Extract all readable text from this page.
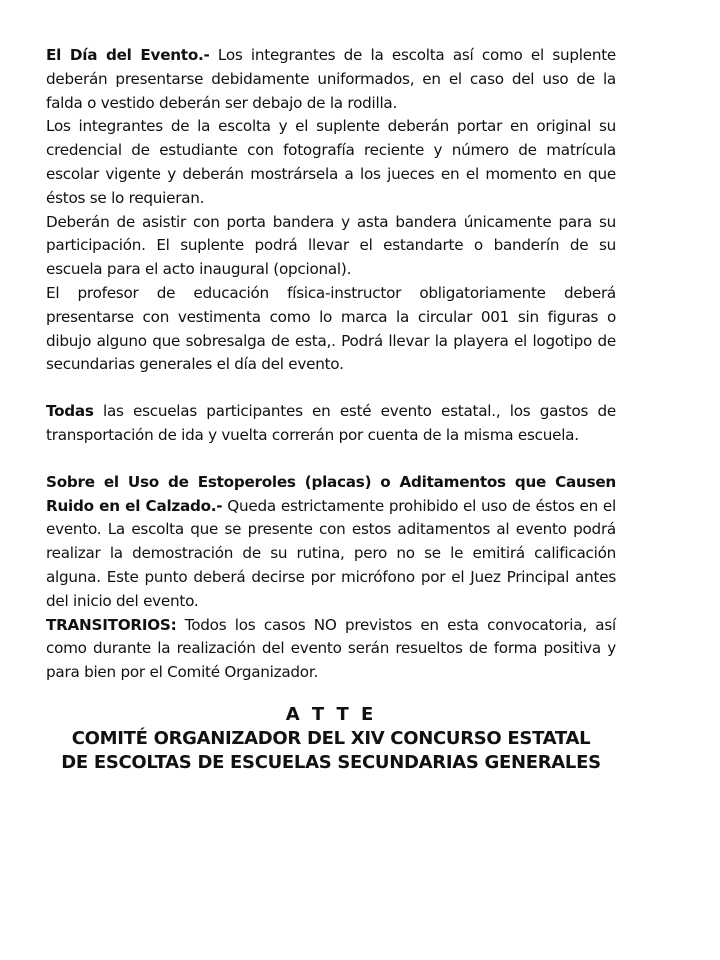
El Día del Evento.- Los integrantes de la escolta así como el suplente deberán presentarse debidamente uniformados, en el caso del uso de la falda o vestido deberán ser debajo de la rodilla.

Los integrantes de la escolta y el suplente deberán portar en original su credencial de estudiante con fotografía reciente y número de matrícula escolar vigente y deberán mostrársela a los jueces en el momento en que éstos se lo requieran.

Deberán de asistir con porta bandera y asta bandera únicamente para su participación. El suplente podrá llevar el estandarte o banderín de su escuela para el acto inaugural (opcional).

El profesor de educación física-instructor obligatoriamente deberá presentarse con vestimenta como lo marca la circular 001 sin figuras o dibujo alguno que sobresalga de esta,. Podrá llevar la playera el logotipo de secundarias generales el día del evento.

Todas las escuelas participantes en esté evento estatal., los gastos de transportación de ida y vuelta correrán por cuenta de la misma escuela.

Sobre el Uso de Estoperoles (placas) o Aditamentos que Causen Ruido en el Calzado.- Queda estrictamente prohibido el uso de éstos en el evento. La escolta que se presente con estos aditamentos al evento podrá realizar la demostración de su rutina, pero no se le emitirá calificación alguna. Este punto deberá decirse por micrófono por el Juez Principal antes del inicio del evento.

TRANSITORIOS: Todos los casos NO previstos en esta convocatoria, así como durante la realización del evento serán resueltos de forma positiva y para bien por el Comité Organizador.

A T T E
COMITÉ ORGANIZADOR DEL XIV CONCURSO ESTATAL
DE ESCOLTAS DE ESCUELAS SECUNDARIAS GENERALES
